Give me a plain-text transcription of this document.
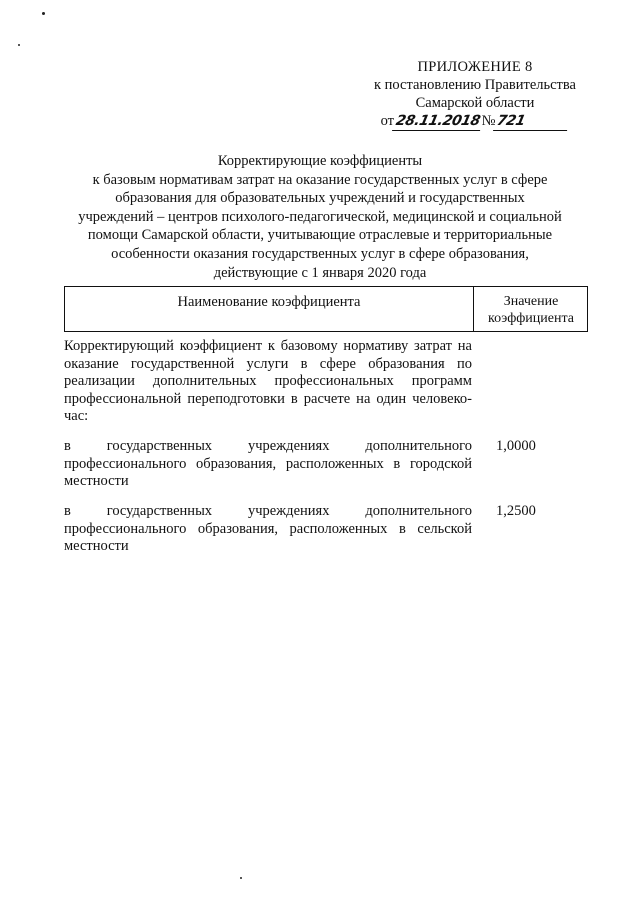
ПРИЛОЖЕНИЕ 8
к постановлению Правительства
Самарской области
от28.11.2018№721
Корректирующие коэффициенты
к базовым нормативам затрат на оказание государственных услуг в сфере
образования для образовательных учреждений и государственных
учреждений – центров психолого-педагогической, медицинской и социальной
помощи Самарской области, учитывающие отраслевые и территориальные
особенности оказания государственных услуг в сфере образования,
действующие с 1 января 2020 года
Наименование коэффициента	Значение
коэффициента
Корректирующий коэффициент к базовому нормативу затрат на оказание государственной услуги в сфере образования по реализации дополнительных профессиональных программ профессиональной переподготовки в расчете на один человеко-час:
в государственных учреждениях дополнительного профессионального образования, расположенных в городской местности
1,0000
в государственных учреждениях дополнительного профессионального образования, расположенных в сельской местности
1,2500
